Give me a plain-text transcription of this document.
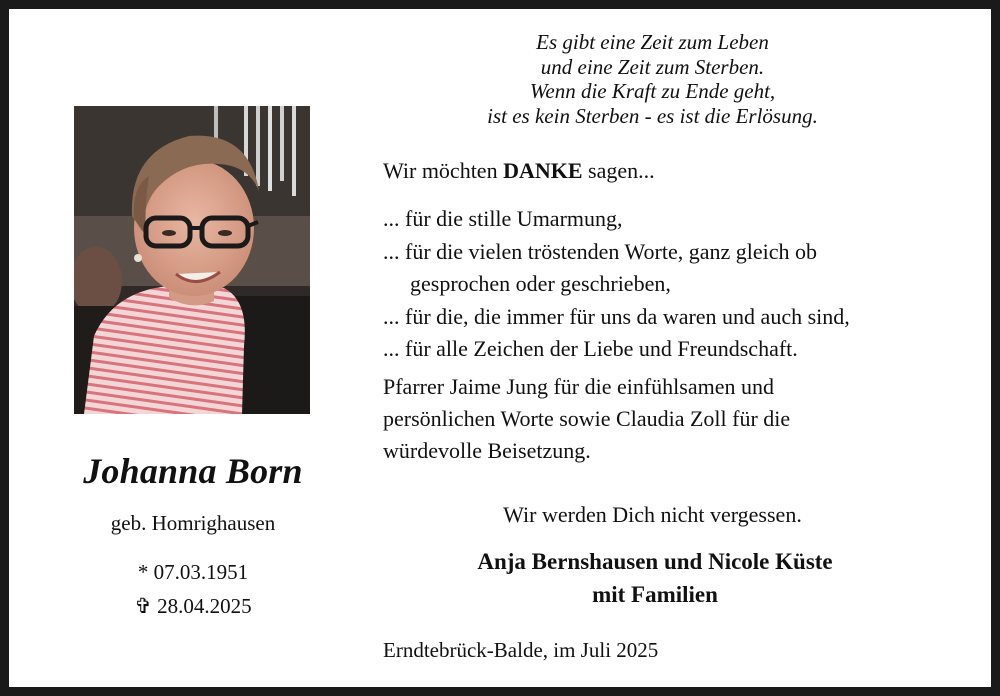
Johanna Born
geb. Homrighausen
* 07.03.1951
✞ 28.04.2025
Es gibt eine Zeit zum Leben
und eine Zeit zum Sterben.
Wenn die Kraft zu Ende geht,
ist es kein Sterben - es ist die Erlösung.
Wir möchten DANKE sagen...
... für die stille Umarmung,
... für die vielen tröstenden Worte, ganz gleich ob
gesprochen oder geschrieben,
... für die, die immer für uns da waren und auch sind,
... für alle Zeichen der Liebe und Freundschaft.
Pfarrer Jaime Jung für die einfühlsamen und
persönlichen Worte sowie Claudia Zoll für die
würdevolle Beisetzung.
Wir werden Dich nicht vergessen.
Anja Bernshausen und Nicole Küste
mit Familien
Erndtebrück-Balde, im Juli 2025
